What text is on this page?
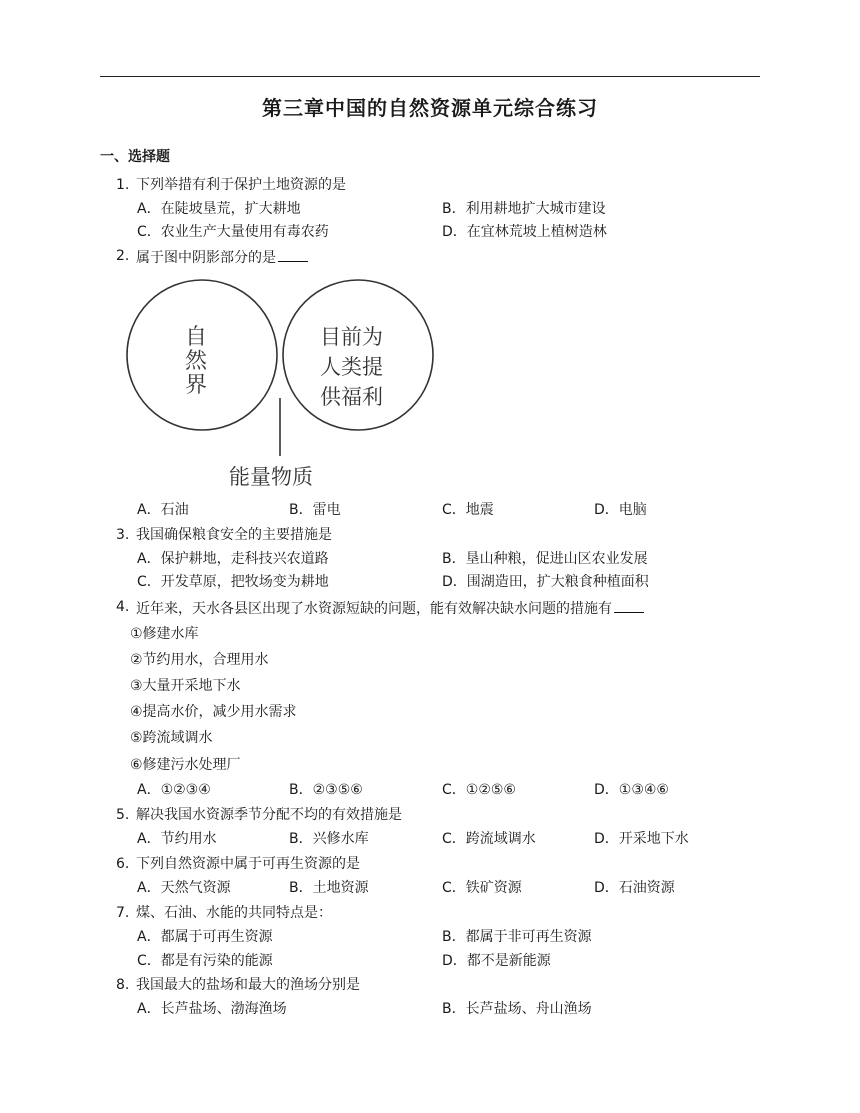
第三章中国的自然资源单元综合练习
一、选择题
1. 下列举措有利于保护土地资源的是
A．在陡坡垦荒，扩大耕地	B．利用耕地扩大城市建设
C．农业生产大量使用有毒农药	D．在宜林荒坡上植树造林
2. 属于图中阴影部分的是
自
然
界
目前为
人类提
供福利
能量物质
A．石油	B．雷电	C．地震	D．电脑
3. 我国确保粮食安全的主要措施是
A．保护耕地，走科技兴农道路	B．垦山种粮，促进山区农业发展
C．开发草原，把牧场变为耕地	D．围湖造田，扩大粮食种植面积
4. 近年来，天水各县区出现了水资源短缺的问题，能有效解决缺水问题的措施有
①修建水库
②节约用水，合理用水
③大量开采地下水
④提高水价，减少用水需求
⑤跨流域调水
⑥修建污水处理厂
A．①②③④	B．②③⑤⑥	C．①②⑤⑥	D．①③④⑥
5. 解决我国水资源季节分配不均的有效措施是
A．节约用水	B．兴修水库	C．跨流域调水	D．开采地下水
6. 下列自然资源中属于可再生资源的是
A．天然气资源	B．土地资源	C．铁矿资源	D．石油资源
7. 煤、石油、水能的共同特点是：
A．都属于可再生资源	B．都属于非可再生资源
C．都是有污染的能源	D．都不是新能源
8. 我国最大的盐场和最大的渔场分别是
A．长芦盐场、渤海渔场	B．长芦盐场、舟山渔场
